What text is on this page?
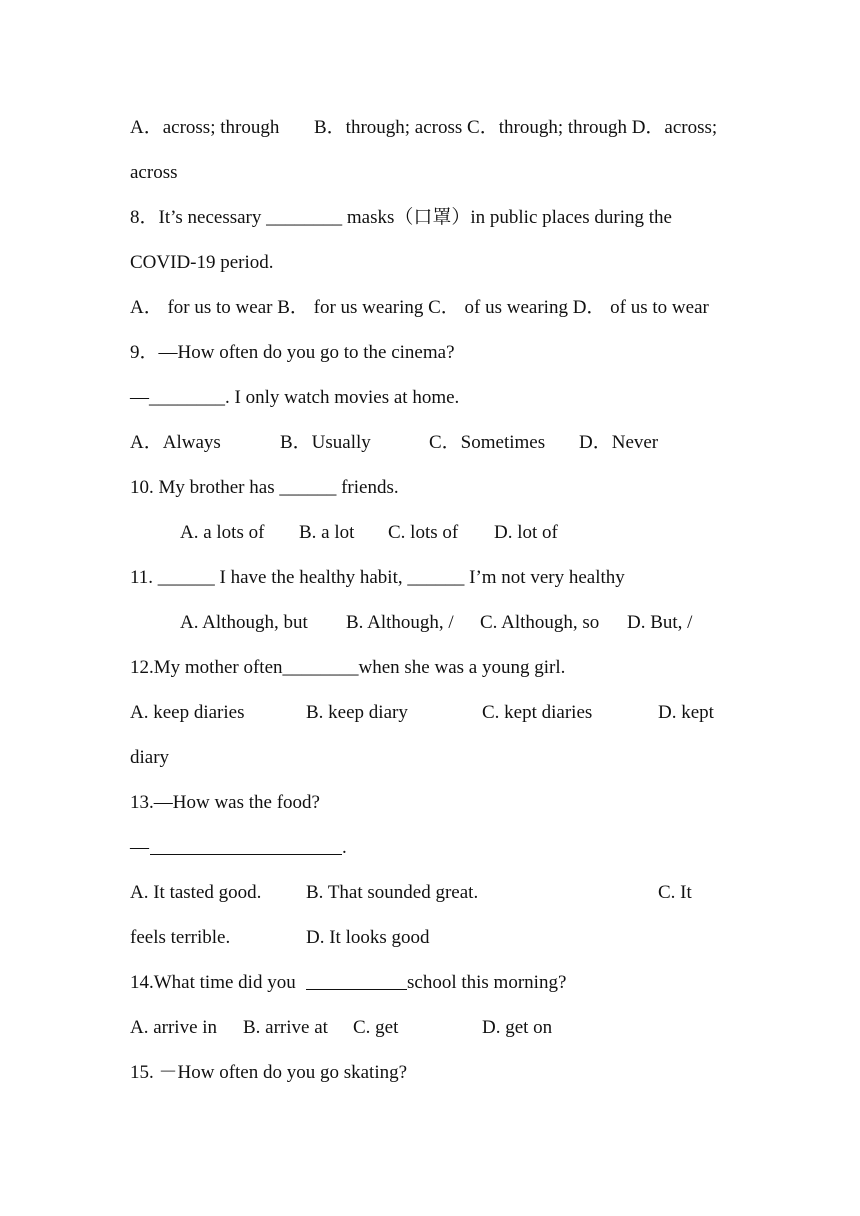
A．across; through

B．through; across C．through; through D．across;

across

8．It’s necessary ________ masks（口罩）in public places during the

COVID-19 period.

A． for us to wear B． for us wearing C． of us wearing D． of us to wear

9．—How often do you go to the cinema?

—________. I only watch movies at home.

A．Always

	B．Usually

	C．Sometimes

D．Never

10. My brother has ______ friends.

A. a lots of

B. a lot

C. lots of

D. lot of

11. ______ I have the healthy habit, ______ I’m not very healthy

A. Although, but

B. Although, /

C. Although, so

D. But, /

12.My mother often________when she was a young girl.

A. keep diaries

	B. keep diary

	C. kept diaries

	D. kept

diary

13.—How was the food?

—

	.

A. It tasted good.

B. That sounded great.

	C. It

feels terrible.

	D. It looks good

14.What time did you

	school this morning?

A. arrive in

B. arrive at

C. get

	D. get on

15. －How often do you go skating?
